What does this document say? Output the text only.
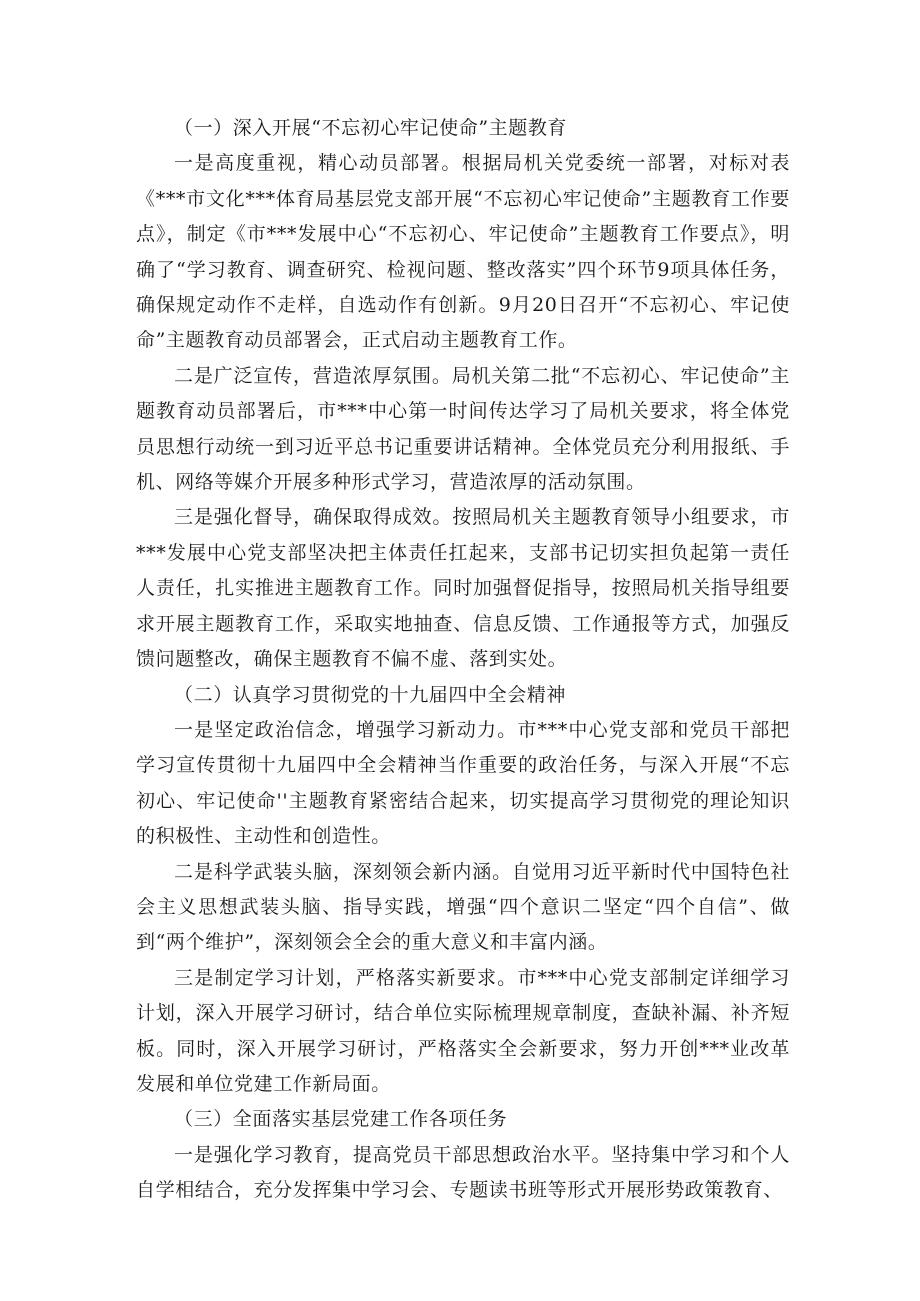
（一）深入开展“不忘初心牢记使命”主题教育

一是高度重视，精心动员部署。根据局机关党委统一部署，对标对表《***市文化***体育局基层党支部开展“不忘初心牢记使命”主题教育工作要点》，制定《市***发展中心“不忘初心、牢记使命”主题教育工作要点》，明确了“学习教育、调查研究、检视问题、整改落实”四个环节9项具体任务，确保规定动作不走样，自选动作有创新。9月20日召开“不忘初心、牢记使命”主题教育动员部署会，正式启动主题教育工作。

二是广泛宣传，营造浓厚氛围。局机关第二批“不忘初心、牢记使命”主题教育动员部署后，市***中心第一时间传达学习了局机关要求，将全体党员思想行动统一到习近平总书记重要讲话精神。全体党员充分利用报纸、手机、网络等媒介开展多种形式学习，营造浓厚的活动氛围。

三是强化督导，确保取得成效。按照局机关主题教育领导小组要求，市***发展中心党支部坚决把主体责任扛起来，支部书记切实担负起第一责任人责任，扎实推进主题教育工作。同时加强督促指导，按照局机关指导组要求开展主题教育工作，采取实地抽查、信息反馈、工作通报等方式，加强反馈问题整改，确保主题教育不偏不虚、落到实处。

（二）认真学习贯彻党的十九届四中全会精神

一是坚定政治信念，增强学习新动力。市***中心党支部和党员干部把学习宣传贯彻十九届四中全会精神当作重要的政治任务，与深入开展“不忘初心、牢记使命''主题教育紧密结合起来，切实提高学习贯彻党的理论知识的积极性、主动性和创造性。

二是科学武装头脑，深刻领会新内涵。自觉用习近平新时代中国特色社会主义思想武装头脑、指导实践，增强“四个意识二坚定“四个自信”、做到“两个维护”，深刻领会全会的重大意义和丰富内涵。

三是制定学习计划，严格落实新要求。市***中心党支部制定详细学习计划，深入开展学习研讨，结合单位实际梳理规章制度，查缺补漏、补齐短板。同时，深入开展学习研讨，严格落实全会新要求，努力开创***业改革发展和单位党建工作新局面。

（三）全面落实基层党建工作各项任务

一是强化学习教育，提高党员干部思想政治水平。坚持集中学习和个人自学相结合，充分发挥集中学习会、专题读书班等形式开展形势政策教育、
